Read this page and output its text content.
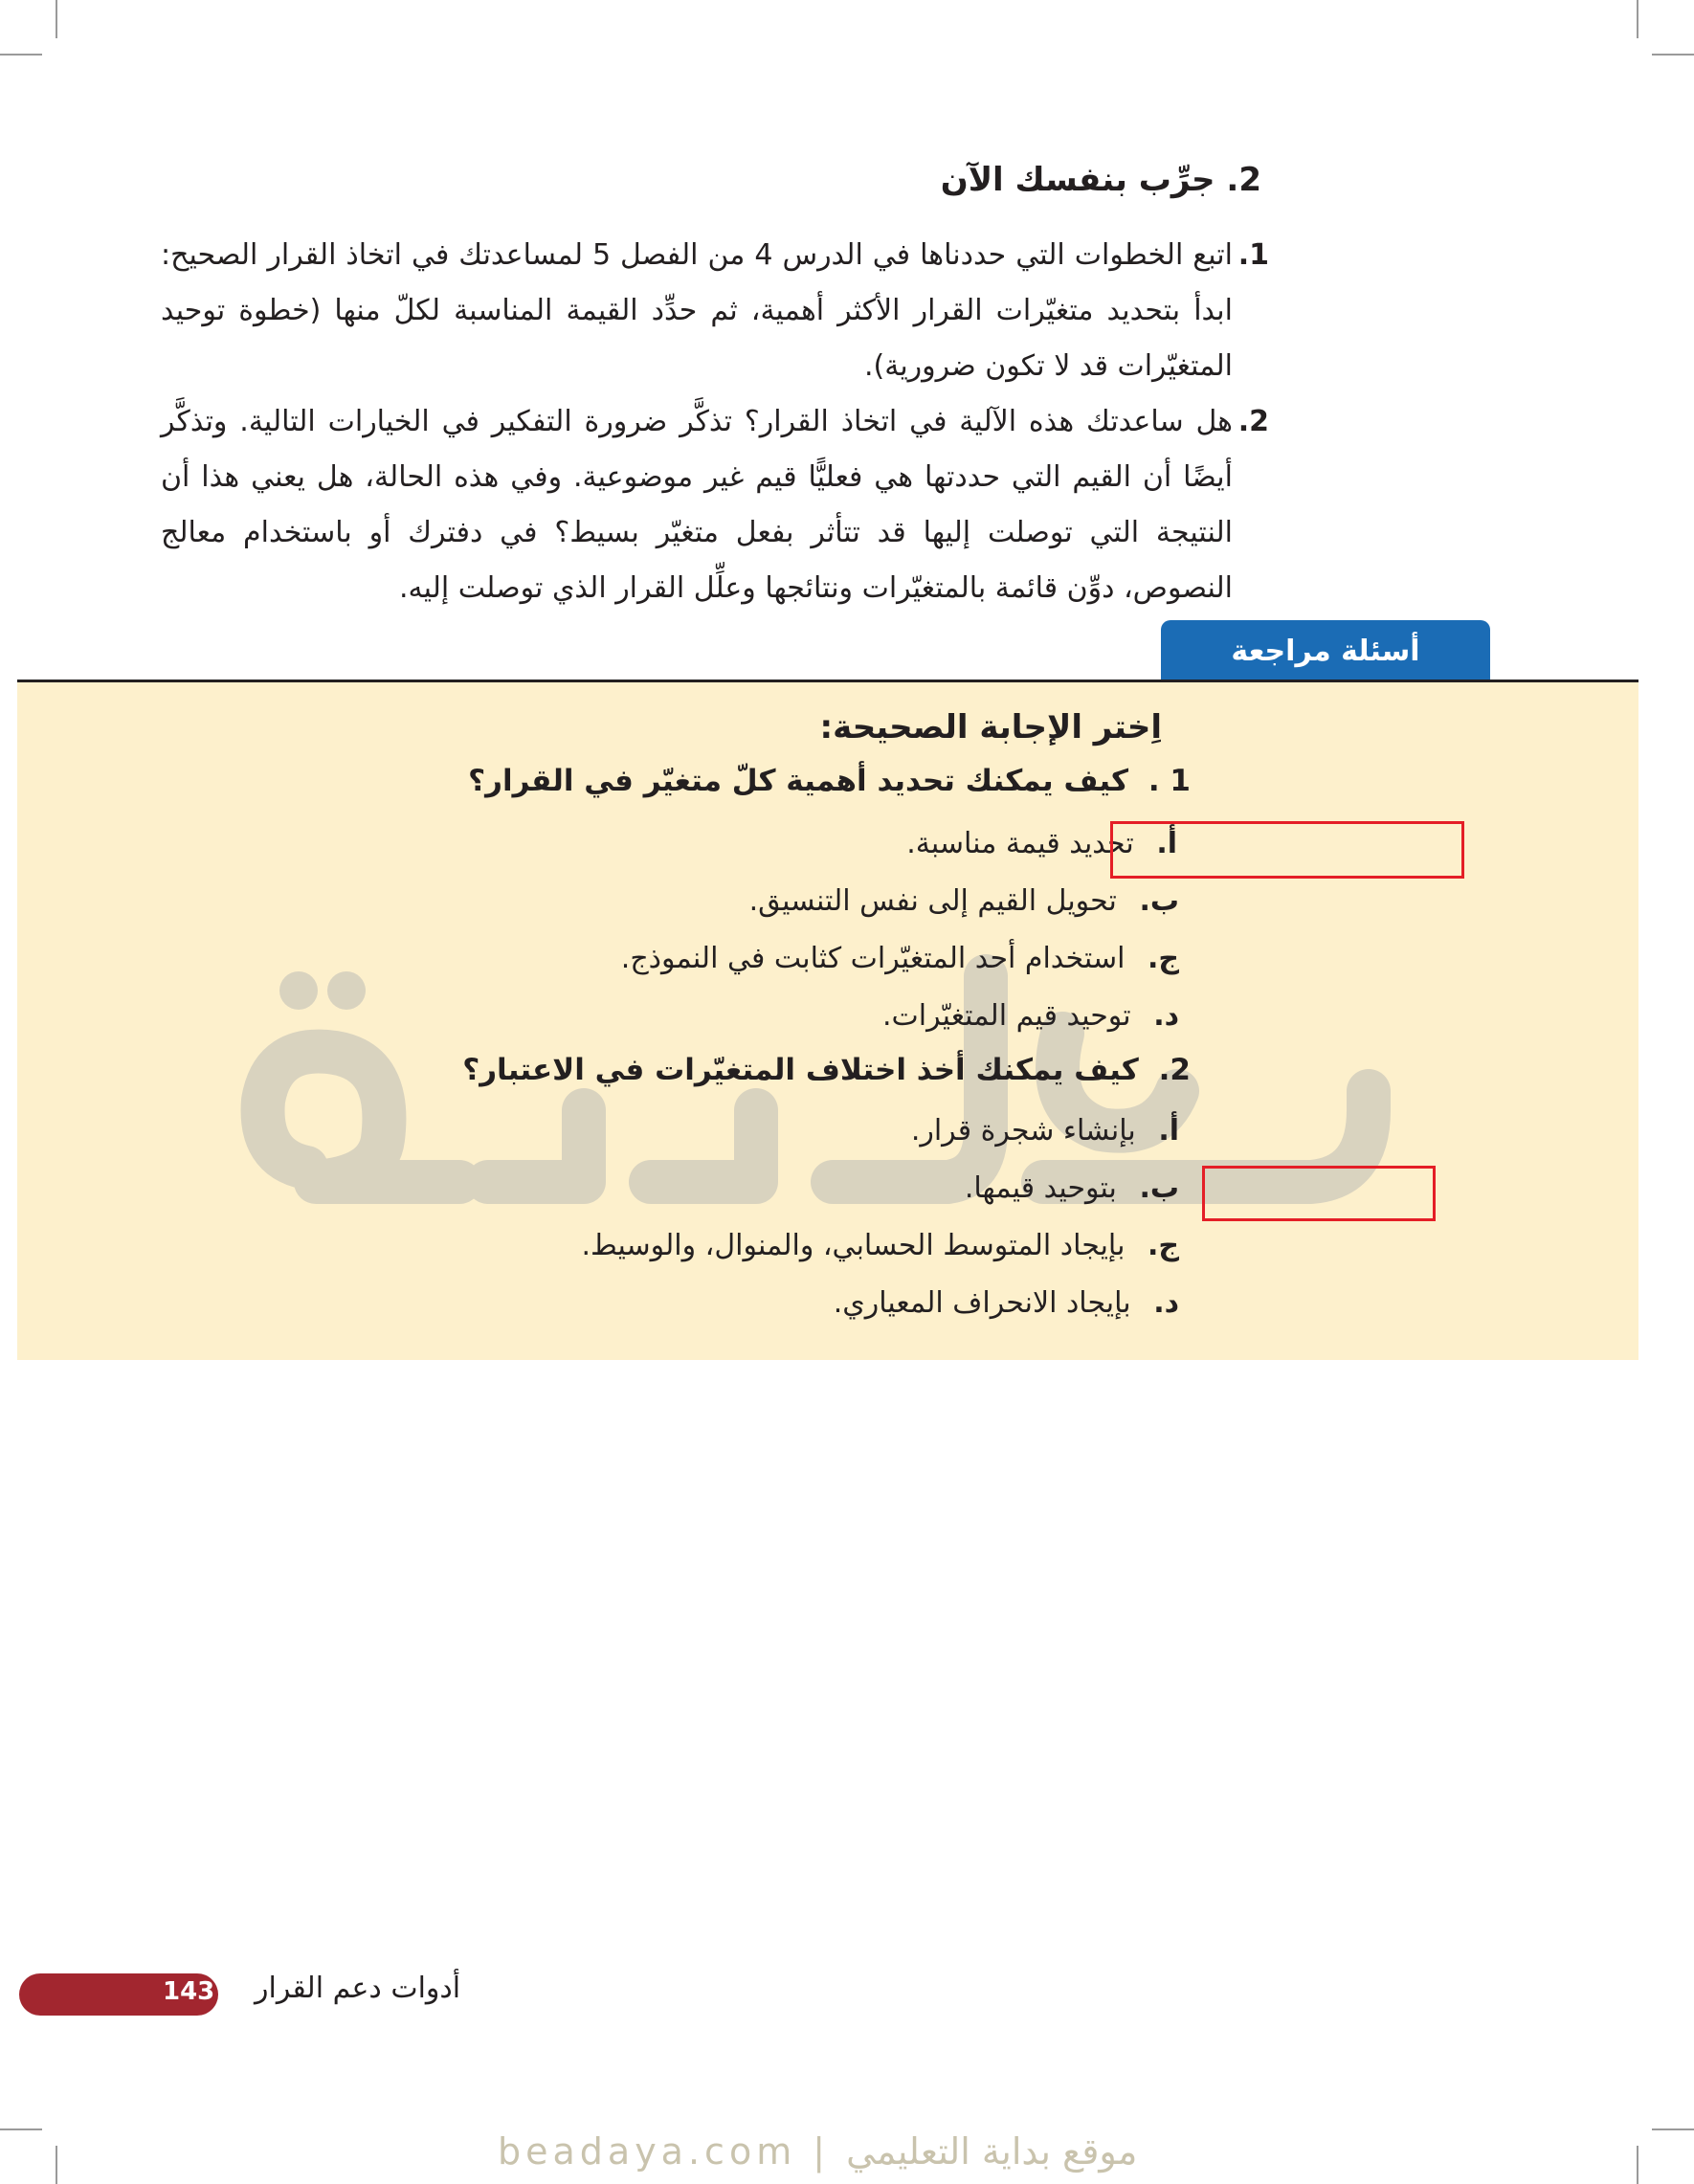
2. جرِّب بنفسك الآن

1.
اتبع الخطوات التي حددناها في الدرس 4 من الفصل 5 لمساعدتك في اتخاذ القرار الصحيح: ابدأ بتحديد متغيّرات القرار الأكثر أهمية، ثم حدِّد القيمة المناسبة لكلّ منها (خطوة توحيد المتغيّرات قد لا تكون ضرورية).

2.
هل ساعدتك هذه الآلية في اتخاذ القرار؟ تذكَّر ضرورة التفكير في الخيارات التالية. وتذكَّر أيضًا أن القيم التي حددتها هي فعليًّا قيم غير موضوعية. وفي هذه الحالة، هل يعني هذا أن النتيجة التي توصلت إليها قد تتأثر بفعل متغيّر بسيط؟ في دفترك أو باستخدام معالج النصوص، دوِّن قائمة بالمتغيّرات ونتائجها وعلِّل القرار الذي توصلت إليه.

أسئلة مراجعة
beadaya.com | موقع بداية التعليمي
اِختر الإجابة الصحيحة:

1 . كيف يمكنك تحديد أهمية كلّ متغيّر في القرار؟

أ. تحديد قيمة مناسبة.

ب. تحويل القيم إلى نفس التنسيق.

ج. استخدام أحد المتغيّرات كثابت في النموذج.

د. توحيد قيم المتغيّرات.

2. كيف يمكنك أخذ اختلاف المتغيّرات في الاعتبار؟

أ. بإنشاء شجرة قرار.

ب. بتوحيد قيمها.

ج. بإيجاد المتوسط الحسابي، والمنوال، والوسيط.

د. بإيجاد الانحراف المعياري.

143 أدوات دعم القرار
